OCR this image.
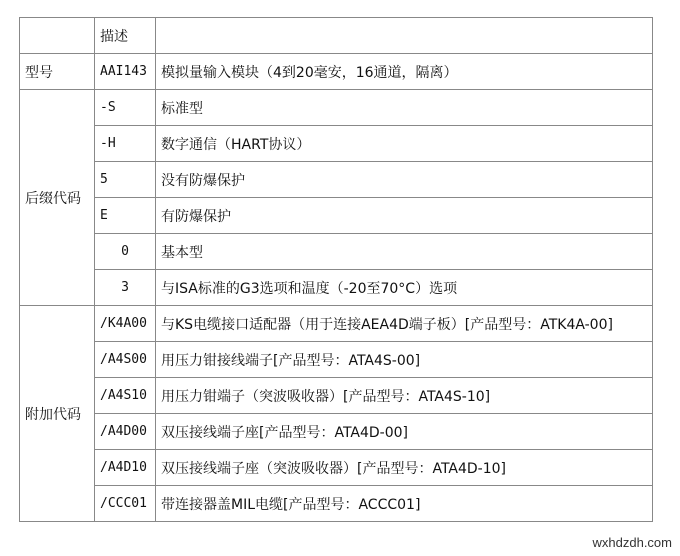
	描述	
型号	AAI143	模拟量输入模块（4到20毫安，16通道，隔离）
后缀代码	-S	标准型
	-H	数字通信（HART协议）
	5	没有防爆保护
	E	有防爆保护
	0	基本型
	3	与ISA标准的G3选项和温度（-20至70°C）选项
附加代码	/K4A00	与KS电缆接口适配器（用于连接AEA4D端子板）[产品型号：ATK4A-00]
	/A4S00	用压力钳接线端子[产品型号：ATA4S-00]
	/A4S10	用压力钳端子（突波吸收器）[产品型号：ATA4S-10]
	/A4D00	双压接线端子座[产品型号：ATA4D-00]
	/A4D10	双压接线端子座（突波吸收器）[产品型号：ATA4D-10]
	/CCC01	带连接器盖MIL电缆[产品型号：ACCC01]
wxhdzdh.com
